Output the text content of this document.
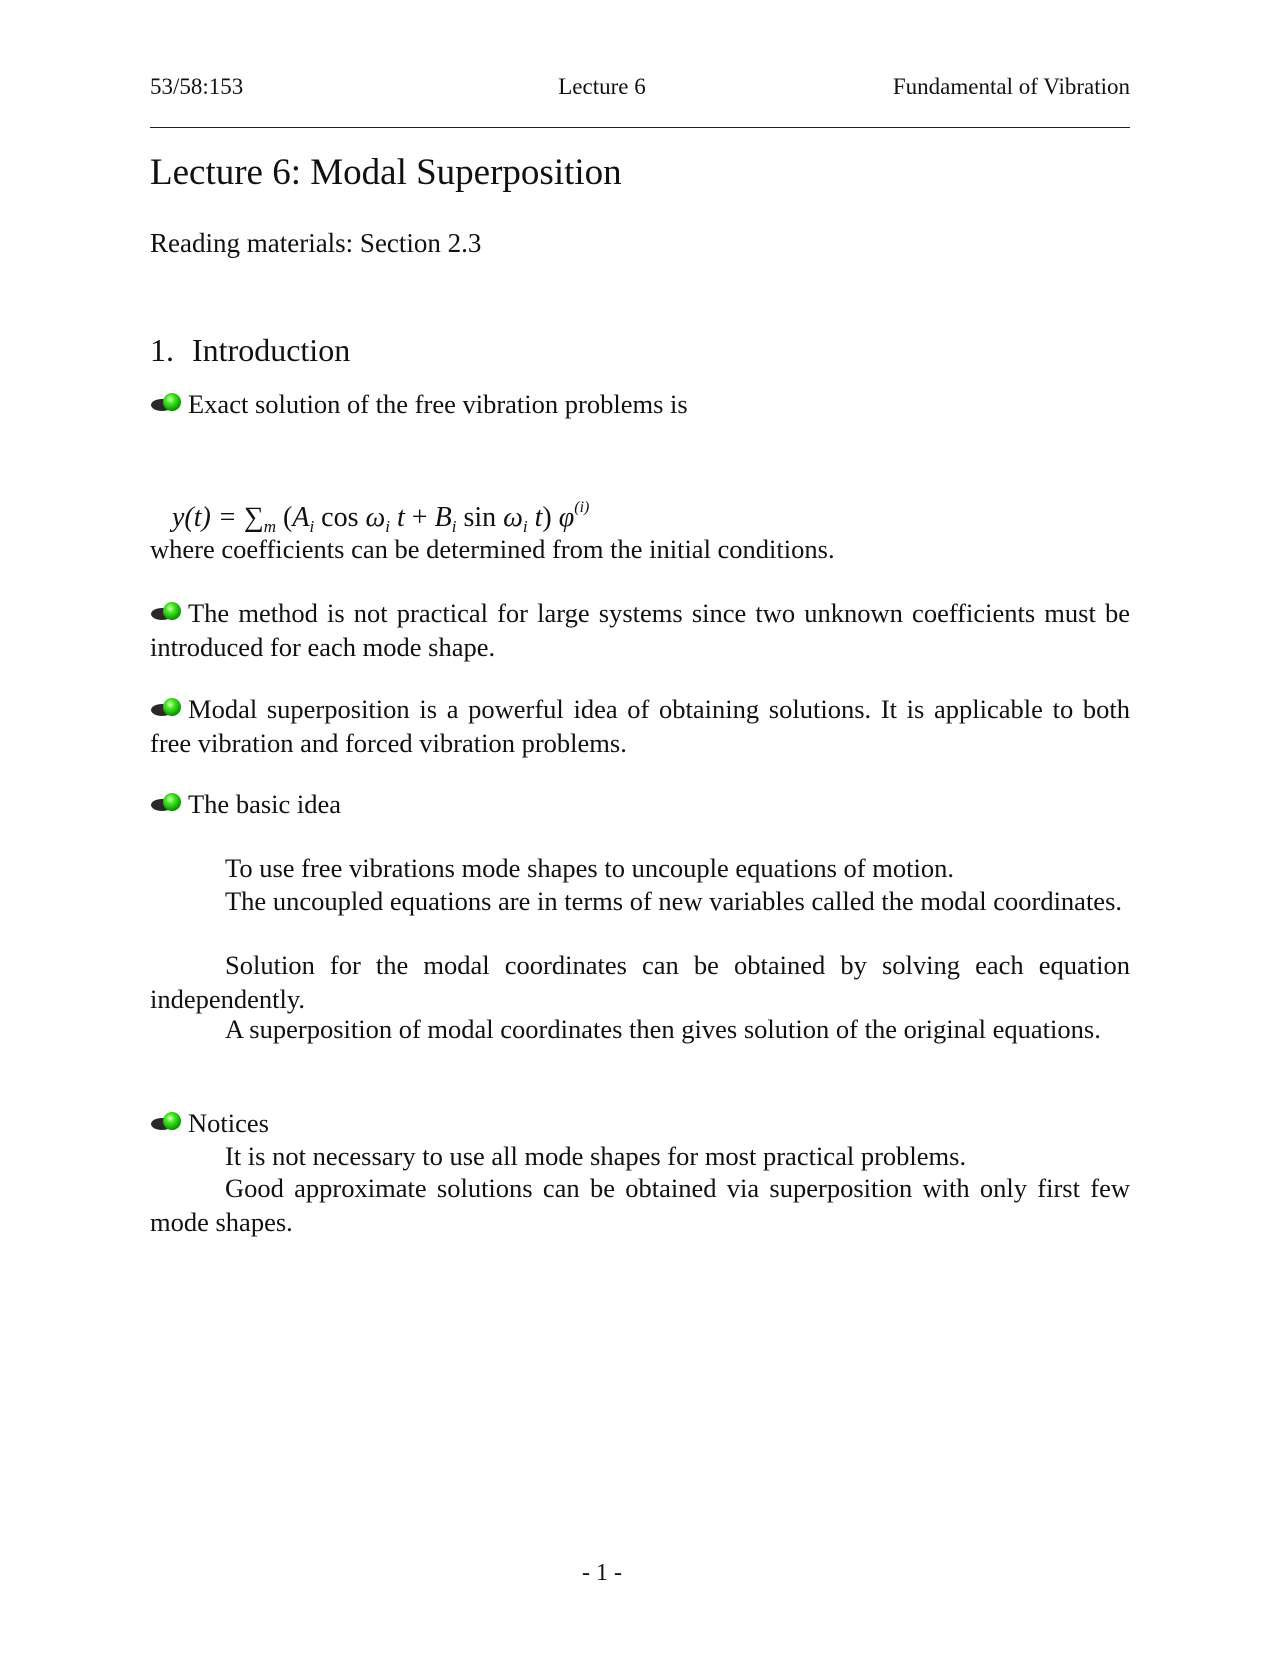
53/58:153	Lecture 6	Fundamental of Vibration
Lecture 6: Modal Superposition
Reading materials: Section 2.3
1. Introduction
Exact solution of the free vibration problems is
$y(t) = \sum_m$ ($A_i$ $\cos \omega_i$ $t + B_i$ $\sin \omega_i$ t) $\varphi^{(i)}$
where coefficients can be determined from the initial conditions.
The method is not practical for large systems since two unknown coefficients must be introduced for each mode shape.
Modal superposition is a powerful idea of obtaining solutions. It is applicable to both free vibration and forced vibration problems.
The basic idea
To use free vibrations mode shapes to uncouple equations of motion.
The uncoupled equations are in terms of new variables called the modal coordinates.
Solution for the modal coordinates can be obtained by solving each equation independently.
A superposition of modal coordinates then gives solution of the original equations.
Notices
It is not necessary to use all mode shapes for most practical problems.
Good approximate solutions can be obtained via superposition with only first few mode shapes.
- 1 -
